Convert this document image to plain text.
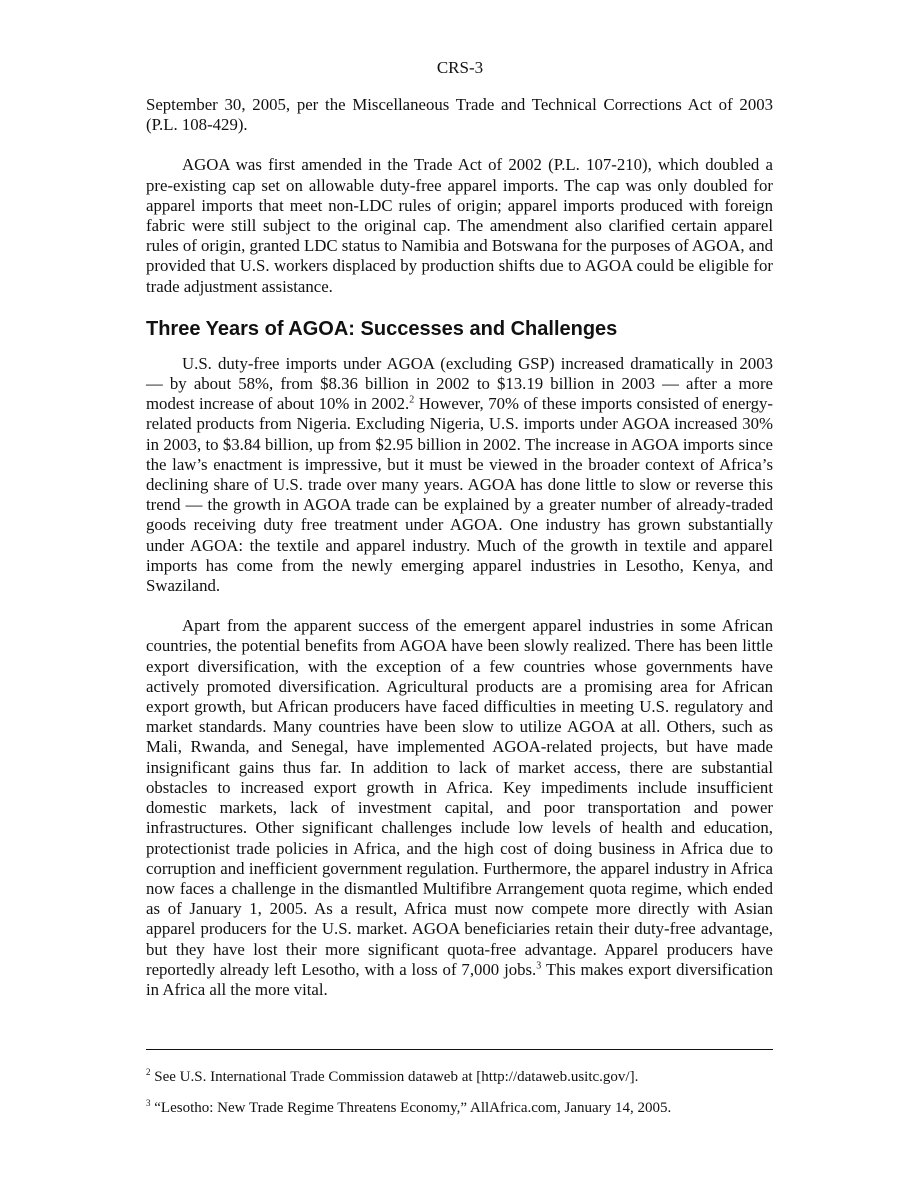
CRS-3

September 30, 2005, per the Miscellaneous Trade and Technical Corrections Act of 2003 (P.L. 108-429).

AGOA was first amended in the Trade Act of 2002 (P.L. 107-210), which doubled a pre-existing cap set on allowable duty-free apparel imports. The cap was only doubled for apparel imports that meet non-LDC rules of origin; apparel imports produced with foreign fabric were still subject to the original cap. The amendment also clarified certain apparel rules of origin, granted LDC status to Namibia and Botswana for the purposes of AGOA, and provided that U.S. workers displaced by production shifts due to AGOA could be eligible for trade adjustment assistance.

Three Years of AGOA: Successes and Challenges

U.S. duty-free imports under AGOA (excluding GSP) increased dramatically in 2003 — by about 58%, from $8.36 billion in 2002 to $13.19 billion in 2003 — after a more modest increase of about 10% in 2002.$^2$ However, 70% of these imports consisted of energy-related products from Nigeria. Excluding Nigeria, U.S. imports under AGOA increased 30% in 2003, to $3.84 billion, up from $2.95 billion in 2002. The increase in AGOA imports since the law’s enactment is impressive, but it must be viewed in the broader context of Africa’s declining share of U.S. trade over many years. AGOA has done little to slow or reverse this trend — the growth in AGOA trade can be explained by a greater number of already-traded goods receiving duty free treatment under AGOA. One industry has grown substantially under AGOA: the textile and apparel industry. Much of the growth in textile and apparel imports has come from the newly emerging apparel industries in Lesotho, Kenya, and Swaziland.

Apart from the apparent success of the emergent apparel industries in some African countries, the potential benefits from AGOA have been slowly realized. There has been little export diversification, with the exception of a few countries whose governments have actively promoted diversification. Agricultural products are a promising area for African export growth, but African producers have faced difficulties in meeting U.S. regulatory and market standards. Many countries have been slow to utilize AGOA at all. Others, such as Mali, Rwanda, and Senegal, have implemented AGOA-related projects, but have made insignificant gains thus far. In addition to lack of market access, there are substantial obstacles to increased export growth in Africa. Key impediments include insufficient domestic markets, lack of investment capital, and poor transportation and power infrastructures. Other significant challenges include low levels of health and education, protectionist trade policies in Africa, and the high cost of doing business in Africa due to corruption and inefficient government regulation. Furthermore, the apparel industry in Africa now faces a challenge in the dismantled Multifibre Arrangement quota regime, which ended as of January 1, 2005. As a result, Africa must now compete more directly with Asian apparel producers for the U.S. market. AGOA beneficiaries retain their duty-free advantage, but they have lost their more significant quota-free advantage. Apparel producers have reportedly already left Lesotho, with a loss of 7,000 jobs.$^3$ This makes export diversification in Africa all the more vital.

$^2$ See U.S. International Trade Commission dataweb at [http://dataweb.usitc.gov/].

$^3$ “Lesotho: New Trade Regime Threatens Economy,” AllAfrica.com, January 14, 2005.
